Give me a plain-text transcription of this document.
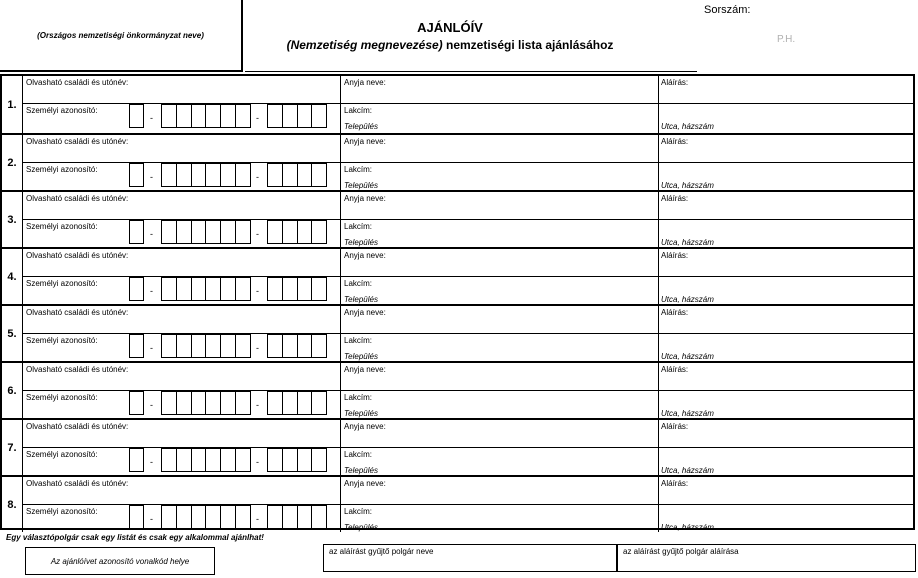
(Országos nemzetiségi önkormányzat neve)	AJÁNLÓÍV
(Nemzetiség megnevezése) nemzetiségi lista ajánlásához
Sorszám:
P.H.
1.
Olvasható családi és utónév:	Anyja neve:	Aláírás:
Személyi azonosító:	Lakcím:
Település	Utca, házszám
-	-
2.
Olvasható családi és utónév:	Anyja neve:	Aláírás:
Személyi azonosító:	Lakcím:
Település	Utca, házszám
-	-
3.
Olvasható családi és utónév:	Anyja neve:	Aláírás:
Személyi azonosító:	Lakcím:
Település	Utca, házszám
-	-
4.
Olvasható családi és utónév:	Anyja neve:	Aláírás:
Személyi azonosító:	Lakcím:
Település	Utca, házszám
-	-
5.
Olvasható családi és utónév:	Anyja neve:	Aláírás:
Személyi azonosító:	Lakcím:
Település	Utca, házszám
-	-
6.
Olvasható családi és utónév:	Anyja neve:	Aláírás:
Személyi azonosító:	Lakcím:
Település	Utca, házszám
-	-
7.
Olvasható családi és utónév:	Anyja neve:	Aláírás:
Személyi azonosító:	Lakcím:
Település	Utca, házszám
-	-
8.
Olvasható családi és utónév:	Anyja neve:	Aláírás:
Személyi azonosító:	Lakcím:
Település	Utca, házszám
-	-
Egy választópolgár csak egy listát és csak egy alkalommal ajánlhat!
Az ajánlóívet azonosító vonalkód helye
az aláírást gyűjtő polgár neve	az aláírást gyűjtő polgár aláírása
